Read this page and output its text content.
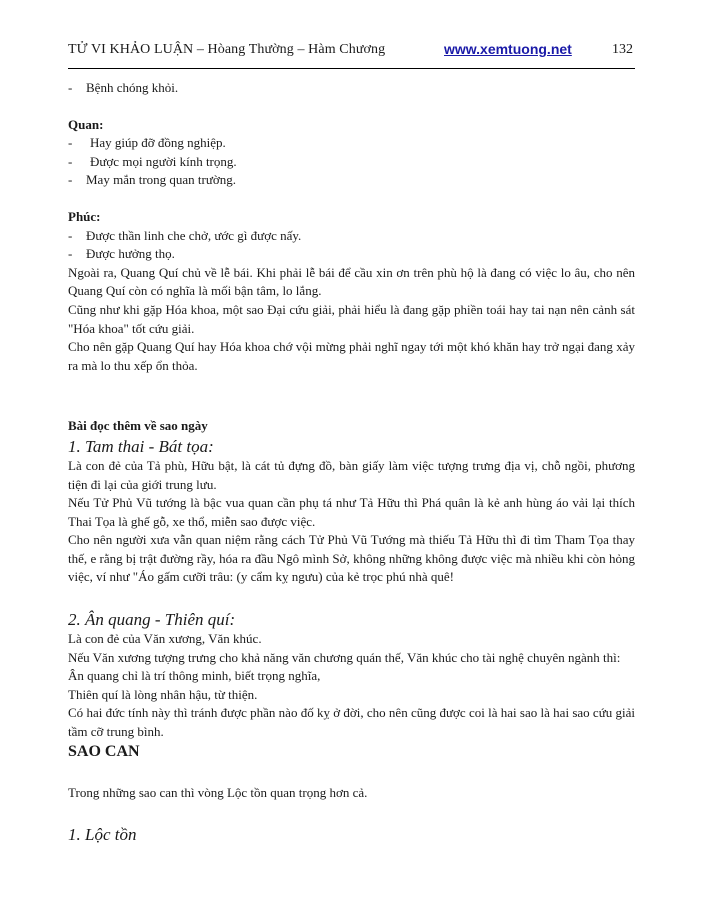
TỬ VI KHẢO LUẬN – Hòang Thường – Hàm Chương	www.xemtuong.net	132

-	Bệnh chóng khỏi.

Quan:

-	Hay giúp đỡ đồng nghiệp.

-	Được mọi người kính trọng.

-	May mắn trong quan trường.

Phúc:

-	Được thần linh che chở, ước gì được nấy.

-	Được hưởng thọ.

Ngoài ra, Quang Quí chủ về lễ bái. Khi phải lễ bái để cầu xin ơn trên phù hộ là đang có việc lo âu, cho nên Quang Quí còn có nghĩa là mối bận tâm, lo lắng.

Cũng như khi gặp Hóa khoa, một sao Đại cứu giải, phải hiểu là đang gặp phiền toái hay tai nạn nên cảnh sát "Hóa khoa" tốt cứu giải.

Cho nên gặp Quang Quí hay Hóa khoa chớ vội mừng phải nghĩ ngay tới một khó khăn hay trở ngại đang xảy ra mà lo thu xếp ổn thỏa.

Bài đọc thêm về sao ngày

1. Tam thai - Bát tọa:

Là con đẻ của Tả phù, Hữu bật, là cát tủ đựng đồ, bàn giấy làm việc tượng trưng địa vị, chỗ ngồi, phương tiện đi lại của giới trung lưu.

Nếu Tử Phủ Vũ tướng là bậc vua quan cần phụ tá như Tả Hữu thì Phá quân là kẻ anh hùng áo vải lại thích Thai Tọa là ghế gỗ, xe thổ, miễn sao được việc.

Cho nên người xưa vẫn quan niệm rằng cách Tử Phủ Vũ Tướng mà thiếu Tả Hữu thì đi tìm Tham Tọa thay thế, e rằng bị trật đường rầy, hóa ra đầu Ngô mình Sở, không những không được việc mà nhiều khi còn hỏng việc, ví như "Áo gấm cưỡi trâu: (y cẩm kỵ ngưu) của kẻ trọc phú nhà quê!

2. Ân quang - Thiên quí:

Là con đẻ của Văn xương, Văn khúc.

Nếu Văn xương tượng trưng cho khả năng văn chương quán thế, Văn khúc cho tài nghệ chuyên ngành thì:

Ân quang chỉ là trí thông minh, biết trọng nghĩa,

Thiên quí là lòng nhân hậu, từ thiện.

Có hai đức tính này thì tránh được phần nào đố kỵ ở đời, cho nên cũng được coi là hai sao là hai sao cứu giải tầm cỡ trung bình.

SAO CAN

Trong những sao can thì vòng Lộc tồn quan trọng hơn cả.

1. Lộc tồn
